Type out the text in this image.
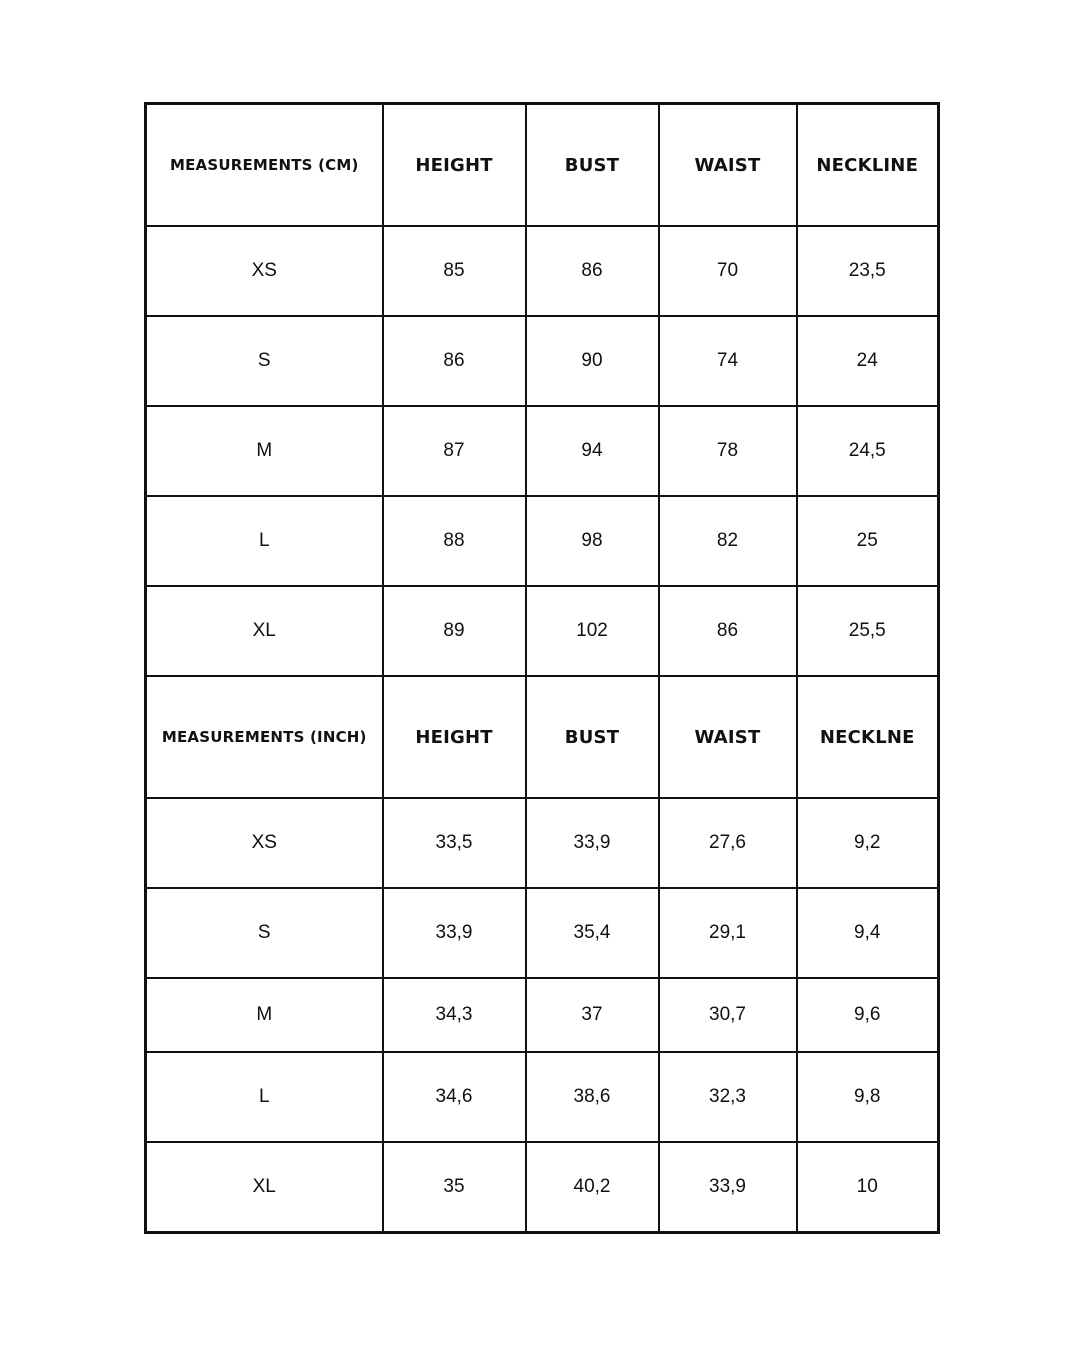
MEASUREMENTS (CM)	HEIGHT	BUST	WAIST	NECKLINE
XS	85	86	70	23,5
S	86	90	74	24
M	87	94	78	24,5
L	88	98	82	25
XL	89	102	86	25,5
MEASUREMENTS (INCH)	HEIGHT	BUST	WAIST	NECKLNE
XS	33,5	33,9	27,6	9,2
S	33,9	35,4	29,1	9,4
M	34,3	37	30,7	9,6
L	34,6	38,6	32,3	9,8
XL	35	40,2	33,9	10
